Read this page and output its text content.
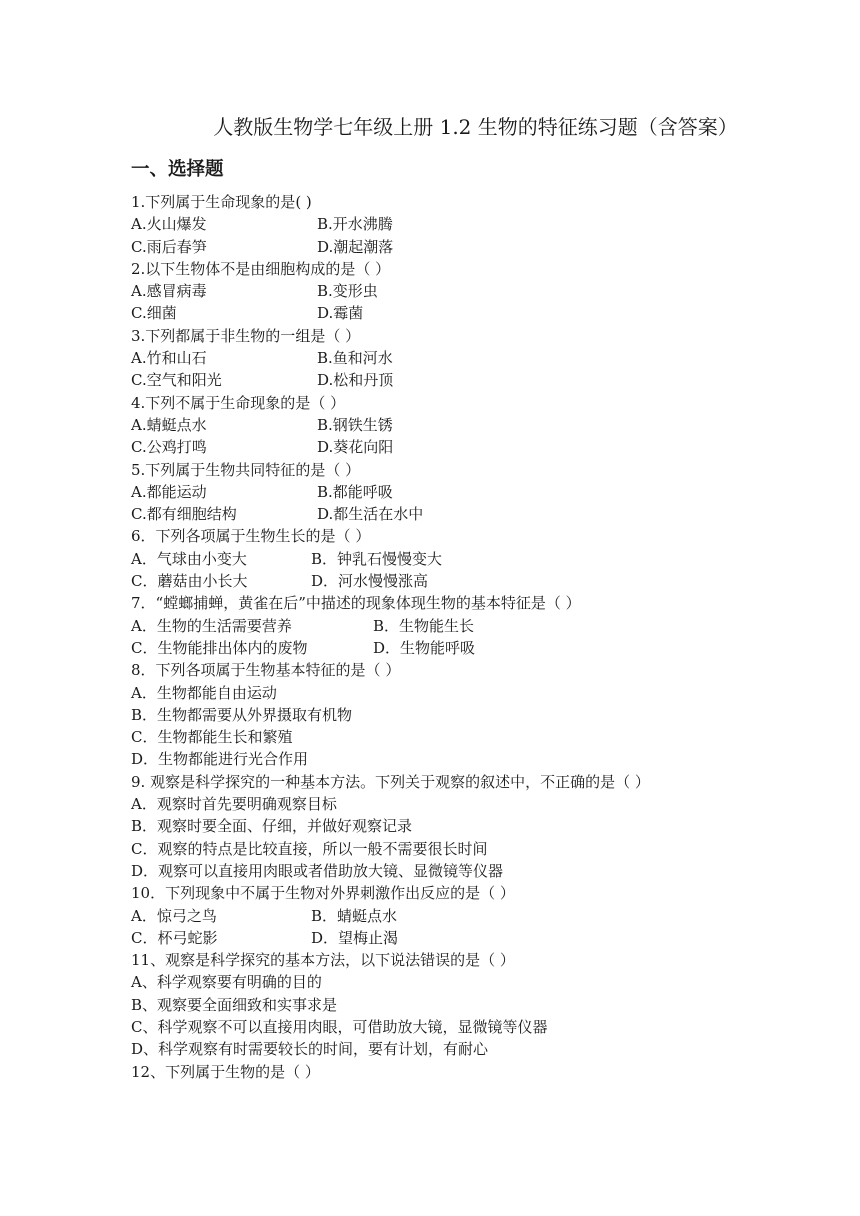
人教版生物学七年级上册 1.2 生物的特征练习题（含答案）
一、选择题
1.下列属于生命现象的是( )
A.火山爆发	B.开水沸腾
C.雨后春笋	D.潮起潮落
2.以下生物体不是由细胞构成的是（ ）
A.感冒病毒	B.变形虫
C.细菌	D.霉菌
3.下列都属于非生物的一组是（ ）
A.竹和山石	B.鱼和河水
C.空气和阳光	D.松和丹顶
4.下列不属于生命现象的是（ ）
A.蜻蜓点水	B.钢铁生锈
C.公鸡打鸣	D.葵花向阳
5.下列属于生物共同特征的是（ ）
A.都能运动	B.都能呼吸
C.都有细胞结构	D.都生活在水中
6．下列各项属于生物生长的是（ ）
A．气球由小变大	B．钟乳石慢慢变大
C．蘑菇由小长大	D．河水慢慢涨高
7．“螳螂捕蝉，黄雀在后”中描述的现象体现生物的基本特征是（ ）
A．生物的生活需要营养	B．生物能生长
C．生物能排出体内的废物	D．生物能呼吸
8．下列各项属于生物基本特征的是（ ）
A．生物都能自由运动
B．生物都需要从外界摄取有机物
C．生物都能生长和繁殖
D．生物都能进行光合作用
9. 观察是科学探究的一种基本方法。下列关于观察的叙述中，不正确的是（ ）
A．观察时首先要明确观察目标
B．观察时要全面、仔细，并做好观察记录
C．观察的特点是比较直接，所以一般不需要很长时间
D．观察可以直接用肉眼或者借助放大镜、显微镜等仪器
10．下列现象中不属于生物对外界刺激作出反应的是（ ）
A．惊弓之鸟	B．蜻蜓点水
C．杯弓蛇影	D．望梅止渴
11、观察是科学探究的基本方法，以下说法错误的是（ ）
A、科学观察要有明确的目的
B、观察要全面细致和实事求是
C、科学观察不可以直接用肉眼，可借助放大镜，显微镜等仪器
D、科学观察有时需要较长的时间，要有计划，有耐心
12、下列属于生物的是（ ）
